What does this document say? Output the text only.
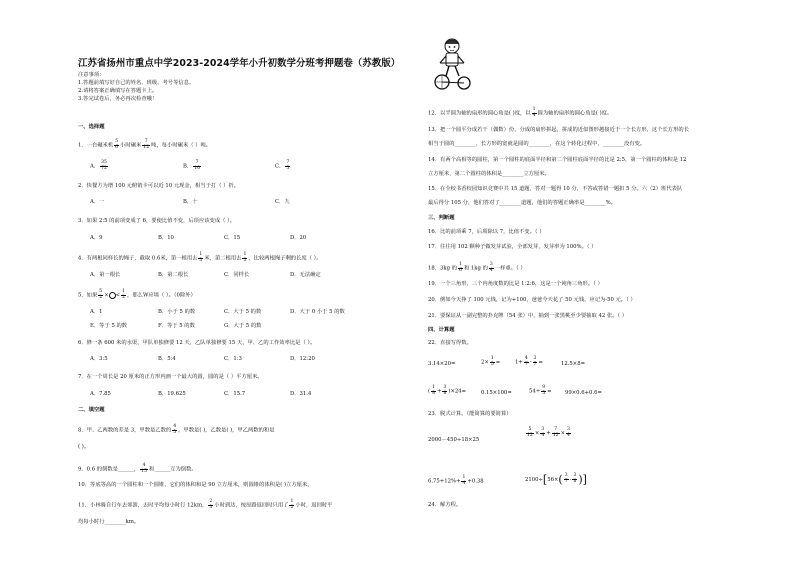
江苏省扬州市重点中学2023-2024学年小升初数学分班考押题卷（苏教版）
注意事项：
1.答题前填写好自己的姓名、班级、考号等信息。
2.请将答案正确填写在答题卡上。
3.答完试卷后，务必再次检查哦！
一、选择题
1．一台碾米机 $\frac{5}{6}$ 小时碾米 $\frac{7}{12}$ 吨，每小时碾米（ ）吨。
A． $\frac{35}{72}$	B． $\frac{7}{10}$	C． $\frac{7}{5}$
2．快餐方为增 100 元俯销卡可以近 10 元现金，相当于打（ ）折。
A．一	B．十	C．九
3．如果 2:5 的前项变成了 6，要使比值不变，后项应该变成（ ）。
A．9	B．10	C．15	D．20
4．有两根同样长的绳子，截取 0.6米，第一根用去 $\frac{1}{3}$ 米，第二根用去 $\frac{1}{3}$ ，比较两根绳子剩的长度（ ）。
A．第一根长	B．第二根长	C．同样长	D．无法确定
5．如果 $\frac{5}{2}$ × < $\frac{1}{2}$ ，那么W应填（ ）。（0除外）
A．1	B．小于 5 的数	C．大于 5 的数	D．大于 0 小于 5 的数
E．等于 5 的数	F．等于 5 的数	G．大于 5 的数
6．修一条 600 米的水渠，甲队单独修要 12 天，乙队单独修要 15 天，甲、乙的工作效率比是（ ）。
A．3:5	B．5:4	C．1:3	D．12:20
7．在一个周长是 20 厘米的正方形内画一个最大的圆，圆的是（ ）平方厘米。
A．7.85	B．19.625	C．15.7	D．31.4
二、填空题
8．甲、乙两数的差是 3，甲数是乙数的 $\frac{4}{5}$ ，甲数是( )，乙数是( )，甲乙两数的和是
( )。
9．0.6 的倒数是______， $\frac{4}{15}$ 和______互为倒数。
10．等底等高的一个圆柱和一个圆锥，它们的体积和是 90 立方厘米，则圆锥的体积是( )立方厘米，
11．小林骑自行车去郊游，去时平均每小时行 12km， $\frac{2}{3}$ 小时到达，按原路返回时只用了 $\frac{1}{2}$ 小时，返回时平
均每小时行________km。
12．以半圆为轴的扇形的圆心角是( )度，以 $\frac{1}{4}$ 圆为轴的扇形的圆心角是( )度。
13．把一个圆平分成若干（偶数）份，分成的扇形拼起，拼成的近似图形越接近于一个长方形，这个长方形的长
相当于圆的________，长方形的宽就是圆的________，在这个转化过程中，________没有变。
14．有两个高相等的圆柱，第一个圆柱的底面半径和第二个圆柱底面半径的比是 2:5，第一个圆柱的体积是 12
立方厘米，第二个圆柱的体积是________立方厘米。
15．在全校书香校园知识竞赛中共 15 道题，答对一题得 10 分，不答或答错一题扣 5 分。六（2）班代表队
最后得分 105 分，他们答对了________道题，他们的答题正确率是________%。
三、判断题
16．比的前项乘 7，后项除以 7，比值不变。（ ）
17．往往用 102 颗种子做发芽试验，全部发芽，发芽率为 100%。（ ）
18．3kg 的 $\frac{1}{6}$ 和 1kg 的 $\frac{3}{4}$ 一样重。（ ）
19．一个三角形，三个内角度数的比是 1:2:6，这是一个钝角三角形。（ ）
20．例如今天挣了 100 元钱，记为+100，爸爸今天花了 50 元钱，应记为-50 元。（ ）
21．要保证从一副完整的扑克牌（54 张）中，抽到一张黑桃至少要抽取 42 张。（ ）
四、计算题
22．直接写得数。
3.14×20=	$2\times \frac{1}{5}$ =	$1+ \frac{4}{7} - \frac{3}{7}$ =	12.5×8=
( $\frac{1}{8} + \frac{3}{8} )\times 24=$	0.15×100=	$54\div \frac{9}{5}$ =	99×0.6+0.6=
23．脱式计算。（能简算的要简算）
2000－450÷18×25
$\frac{5}{12} \times \frac{3}{4} + \frac{7}{12} \times \frac{3}{4}$
$6.75+12\%+ \frac{1}{4} +0.38$	$2100\div[56\times( \frac{3}{7} - \frac{3}{8}$ )]
24．解方程。
